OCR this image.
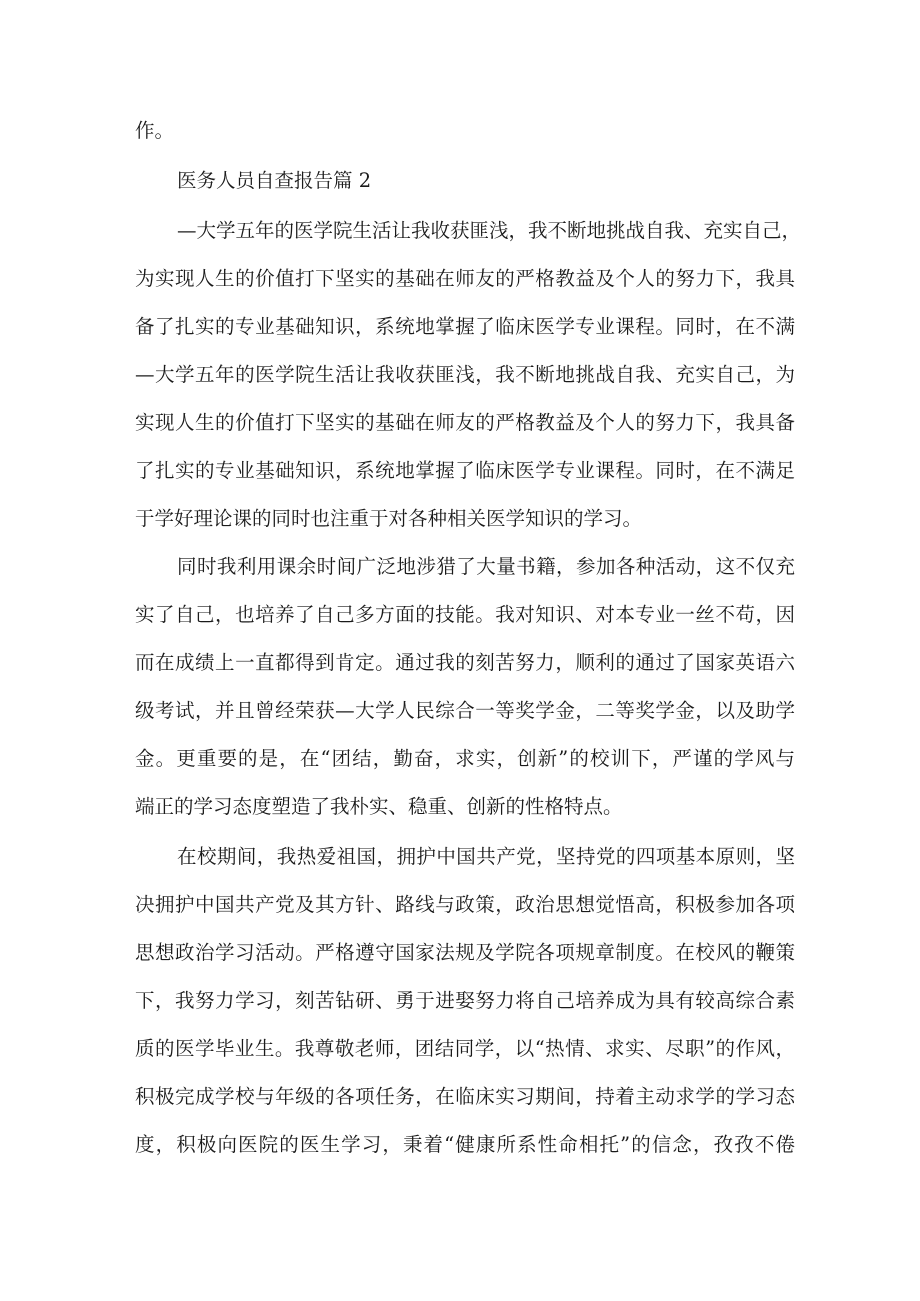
作。
医务人员自查报告篇 2
—大学五年的医学院生活让我收获匪浅，我不断地挑战自我、充实自己，
为实现人生的价值打下坚实的基础在师友的严格教益及个人的努力下，我具
备了扎实的专业基础知识，系统地掌握了临床医学专业课程。同时，在不满
—大学五年的医学院生活让我收获匪浅，我不断地挑战自我、充实自己，为
实现人生的价值打下坚实的基础在师友的严格教益及个人的努力下，我具备
了扎实的专业基础知识，系统地掌握了临床医学专业课程。同时，在不满足
于学好理论课的同时也注重于对各种相关医学知识的学习。
同时我利用课余时间广泛地涉猎了大量书籍，参加各种活动，这不仅充
实了自己，也培养了自己多方面的技能。我对知识、对本专业一丝不苟，因
而在成绩上一直都得到肯定。通过我的刻苦努力，顺利的通过了国家英语六
级考试，并且曾经荣获—大学人民综合一等奖学金，二等奖学金，以及助学
金。更重要的是，在“团结，勤奋，求实，创新”的校训下，严谨的学风与
端正的学习态度塑造了我朴实、稳重、创新的性格特点。
在校期间，我热爱祖国，拥护中国共产党，坚持党的四项基本原则，坚
决拥护中国共产党及其方针、路线与政策，政治思想觉悟高，积极参加各项
思想政治学习活动。严格遵守国家法规及学院各项规章制度。在校风的鞭策
下，我努力学习，刻苦钻研、勇于进娶努力将自己培养成为具有较高综合素
质的医学毕业生。我尊敬老师，团结同学，以“热情、求实、尽职”的作风，
积极完成学校与年级的各项任务，在临床实习期间，持着主动求学的学习态
度，积极向医院的医生学习，秉着“健康所系性命相托”的信念，孜孜不倦
